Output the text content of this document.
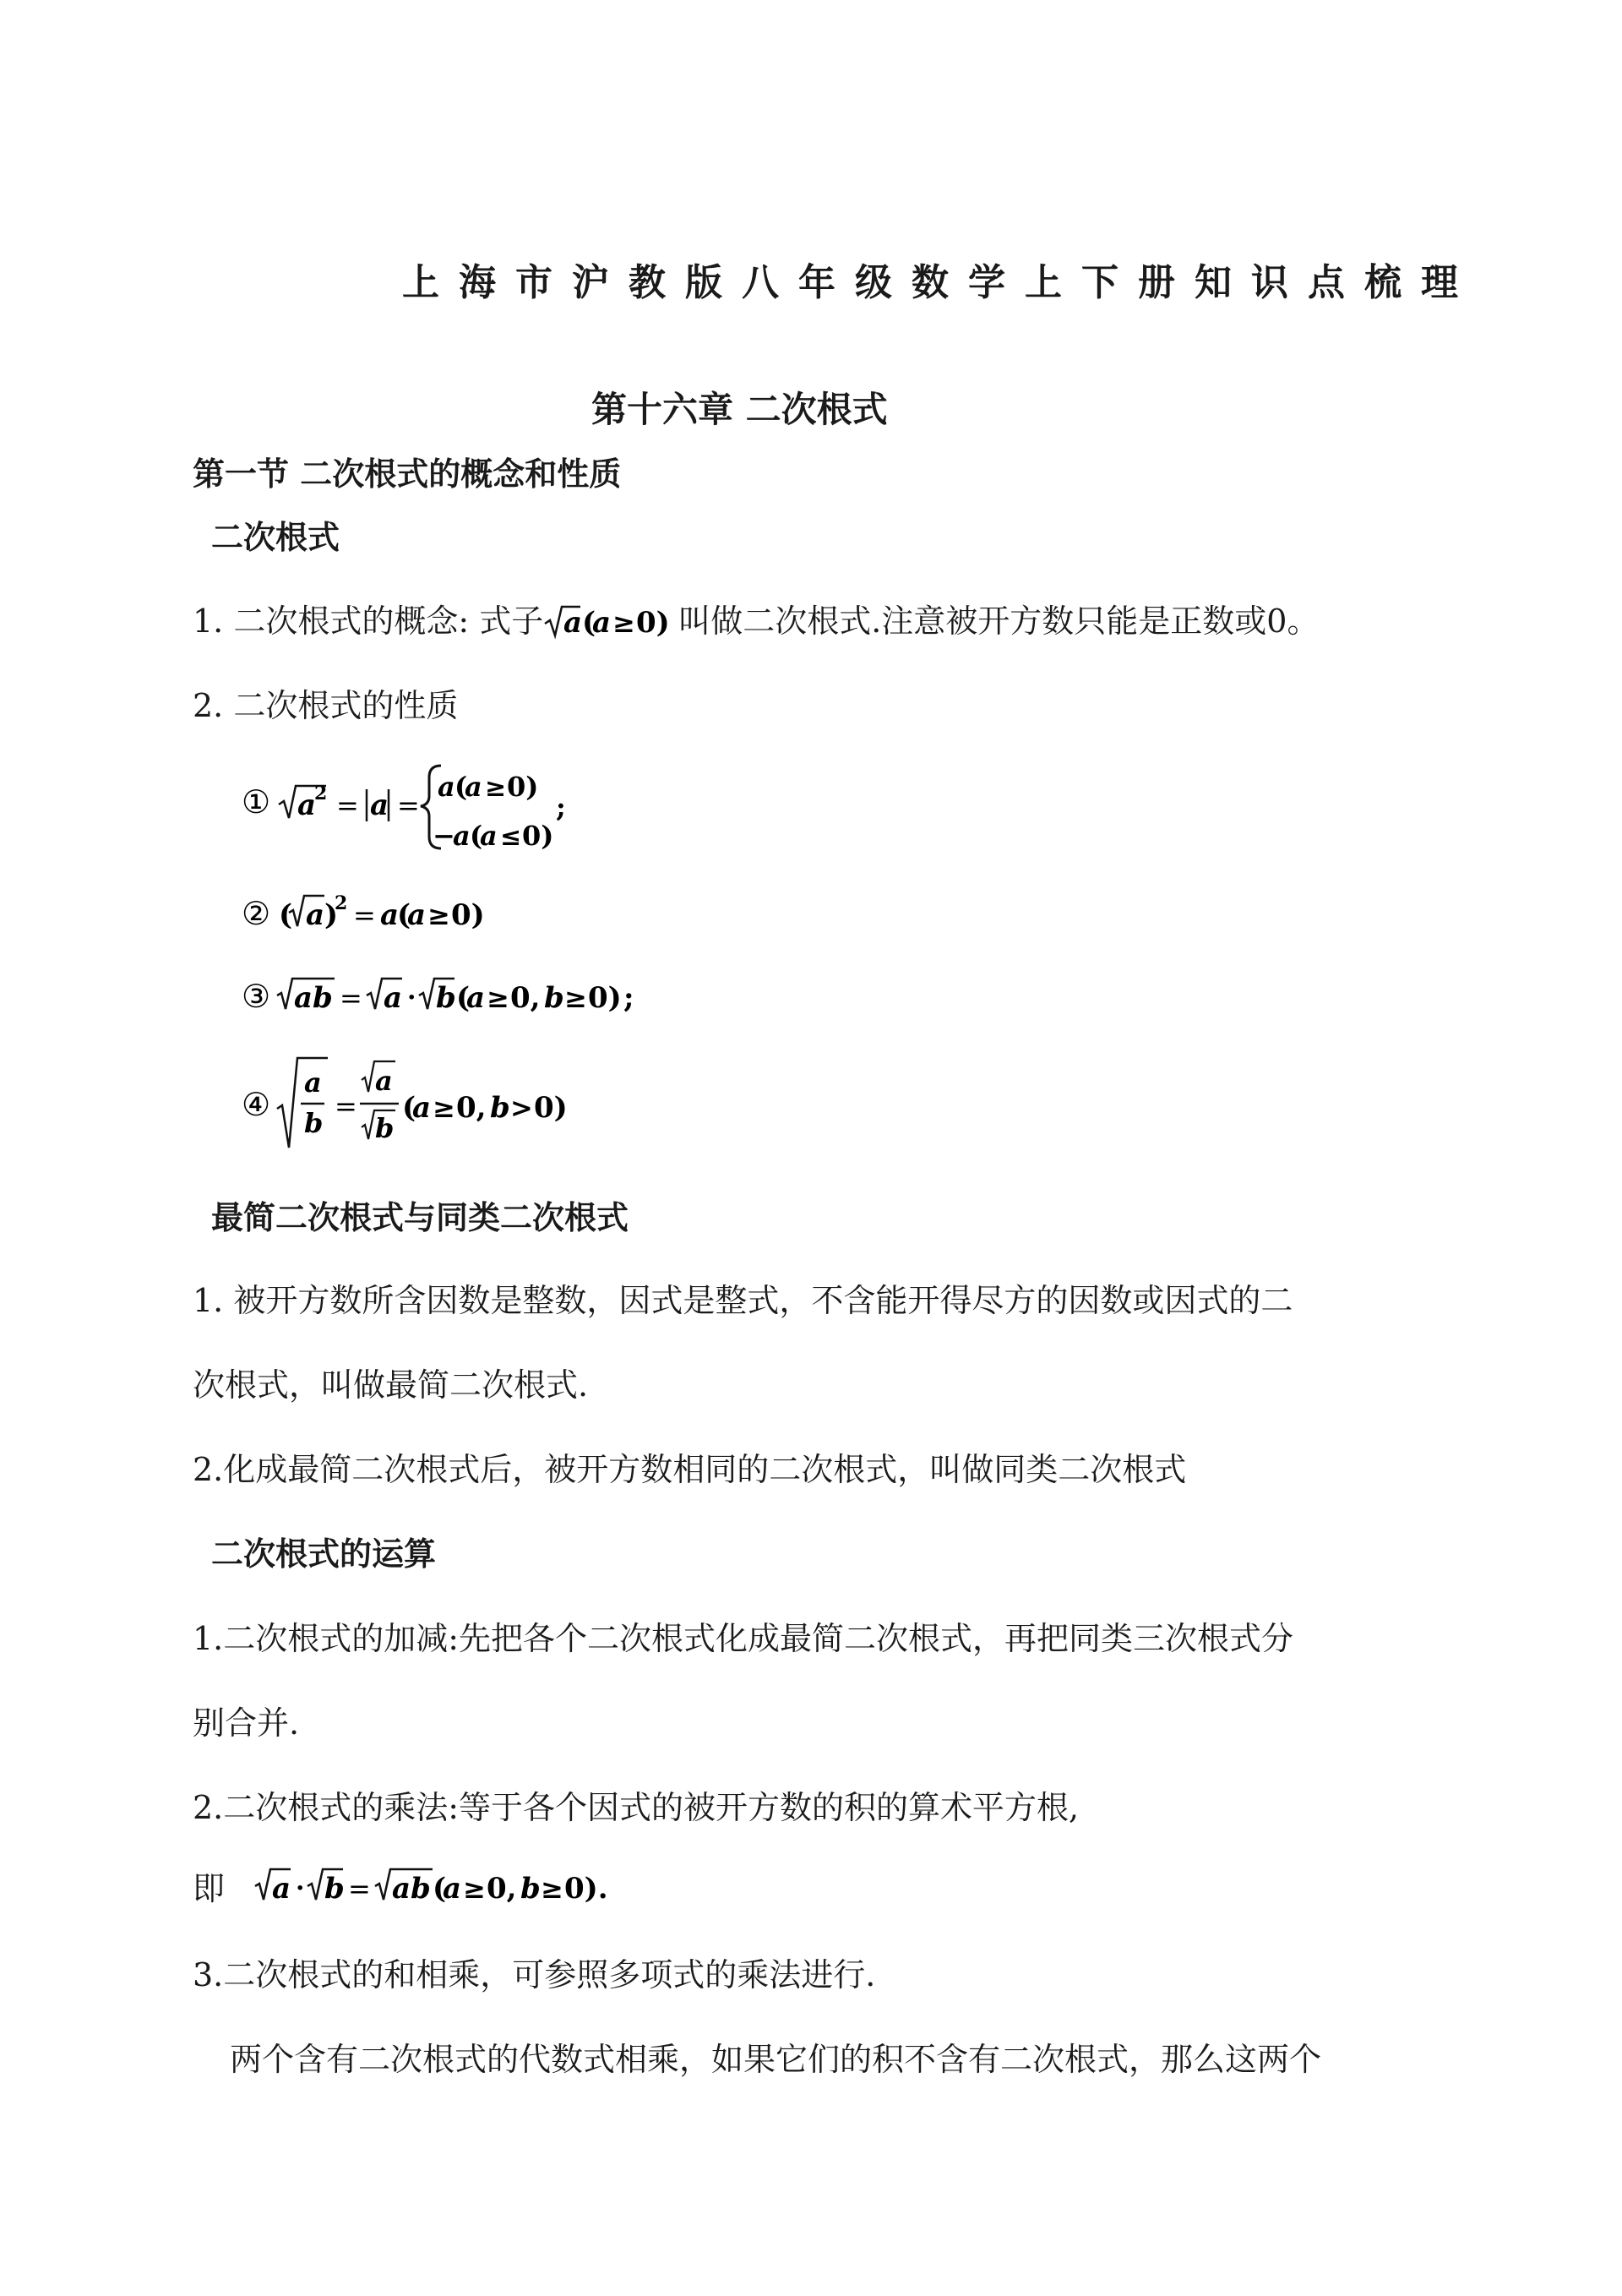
上海市沪教版八年级数学上下册知识点梳理
第十六章 二次根式
第一节 二次根式的概念和性质
二次根式
1. 二次根式的概念: 式子 a (
a ≥ 0) 叫做二次根式.注意被开方数只能是正数或0。
2. 二次根式的性质
① a
2 = a =
a (
a ≥ 0)
−
a (
a ≤ 0)
;
② ( a )
2 = a
(
a ≥ 0)
③ ab = a · b (
a ≥ 0, b ≥ 0) ;
④
a
b
=
a
b
(
a ≥ 0, b > 0)
最简二次根式与同类二次根式
1. 被开方数所含因数是整数，因式是整式，不含能开得尽方的因数或因式的二
次根式，叫做最简二次根式.
2.化成最简二次根式后，被开方数相同的二次根式，叫做同类二次根式
二次根式的运算
1.二次根式的加减:先把各个二次根式化成最简二次根式，再把同类三次根式分
别合并.
2.二次根式的乘法:等于各个因式的被开方数的积的算术平方根,
即 a · b = ab (
a ≥ 0, b ≥ 0).
3.二次根式的和相乘，可参照多项式的乘法进行.
两个含有二次根式的代数式相乘，如果它们的积不含有二次根式，那么这两个
